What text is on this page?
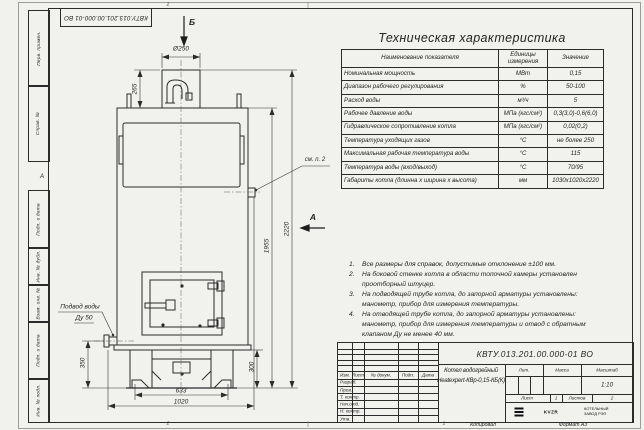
Перв. примен.
Справ. №
Подп. и дата
Инв. № дубл.
Взам. инв. №
Подп. и дата
Инв. № подл.
КВТУ.013.201.00.000-01 ВО
2
2	1
А
Ø250
265
1955
2220
300
350
633
1020
Б
А
см. п. 2
Подвод воды
Ду 50
Техническая характеристика
Наименование показателя	Единицы измерения	Значение
Номинальная мощность	МВт	0,15
Диапазон рабочего регулирования	%	50-100
Расход воды	м³/ч	5
Рабочее давление воды	МПа (кгс/см²)	0,3(3,0)-0,6(6,0)
Гидравлическое сопротивление котла	МПа (кгс/см²)	0,02(0,2)
Температура уходящих газов	°С	не более 250
Максимальная рабочая температура воды	°С	115
Температура воды (вход/выход)	°С	70/95
Габариты котла (длинна x ширина x высота)	мм	1030x1020x2220
1.	Все размеры для справок, допустимые отклонение ±100 мм.
2.	На боковой стенке котла в области топочной камеры установлен проотборный штуцер.
3.	На подводящей трубе котла, до запорной арматуры установлены: манометр, прибор для измерения температуры.
4.	На отводящей трубе котла, до запорной арматуры установлены: манометр, прибор для измерения температуры и отвод с обратным клапаном Ду не менее 40 мм.
Изм. Лист № докум. Подп. Дата
Разраб.
Пров.
Т. контр.
Нач.отд.
Н. контр.
Утв.
КВТУ.013.201.00.000-01 ВО
Котел водогрейный
Heatexpert-КВр-0,15-КБ(К)
Лит.	Масса	Масштаб
1:10
Лист	1 Листов	2
KVZR
КОТЕЛЬНЫЙ
ЗАВОД РЭП
Копировал	Формат А3
